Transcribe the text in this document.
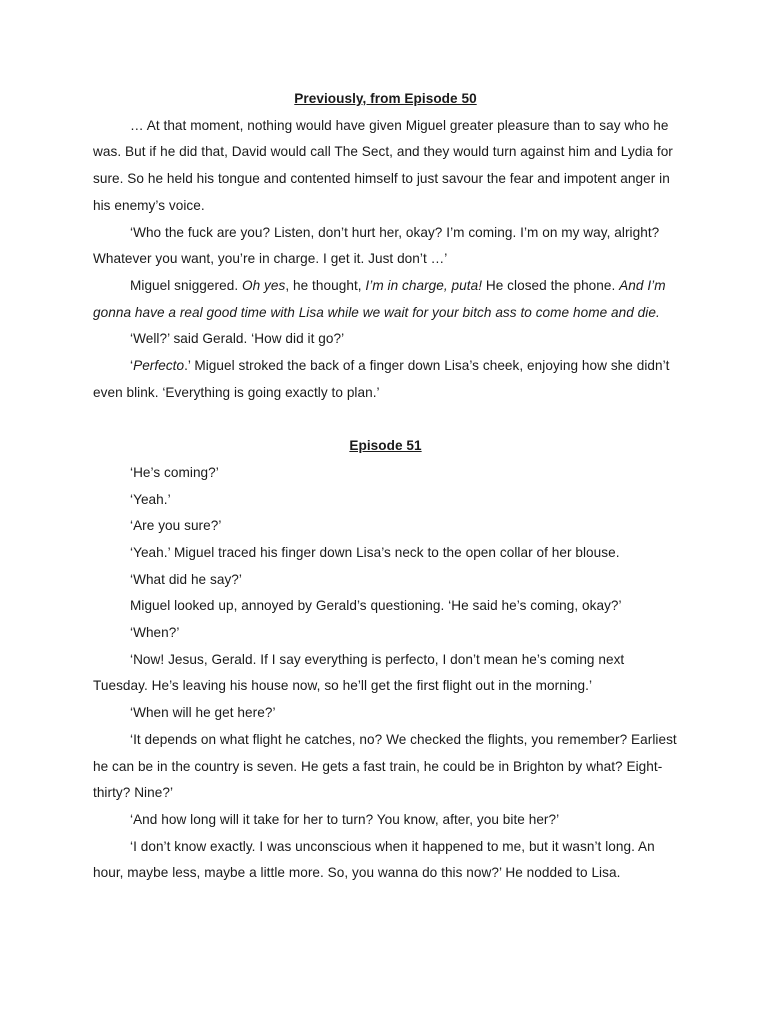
Previously, from Episode 50

… At that moment, nothing would have given Miguel greater pleasure than to say who he was. But if he did that, David would call The Sect, and they would turn against him and Lydia for sure. So he held his tongue and contented himself to just savour the fear and impotent anger in his enemy’s voice.

‘Who the fuck are you? Listen, don’t hurt her, okay? I’m coming. I’m on my way, alright? Whatever you want, you’re in charge. I get it. Just don’t …’

Miguel sniggered. Oh yes, he thought, I’m in charge, puta! He closed the phone. And I’m gonna have a real good time with Lisa while we wait for your bitch ass to come home and die.

‘Well?’ said Gerald. ‘How did it go?’

‘Perfecto.’ Miguel stroked the back of a finger down Lisa’s cheek, enjoying how she didn’t even blink. ‘Everything is going exactly to plan.’

Episode 51

‘He’s coming?’

‘Yeah.’

‘Are you sure?’

‘Yeah.’ Miguel traced his finger down Lisa’s neck to the open collar of her blouse.

‘What did he say?’

Miguel looked up, annoyed by Gerald’s questioning. ‘He said he’s coming, okay?’

‘When?’

‘Now! Jesus, Gerald. If I say everything is perfecto, I don’t mean he’s coming next Tuesday. He’s leaving his house now, so he’ll get the first flight out in the morning.’

‘When will he get here?’

‘It depends on what flight he catches, no? We checked the flights, you remember? Earliest he can be in the country is seven. He gets a fast train, he could be in Brighton by what? Eight-thirty? Nine?’

‘And how long will it take for her to turn? You know, after, you bite her?’

‘I don’t know exactly. I was unconscious when it happened to me, but it wasn’t long. An hour, maybe less, maybe a little more. So, you wanna do this now?’ He nodded to Lisa.
